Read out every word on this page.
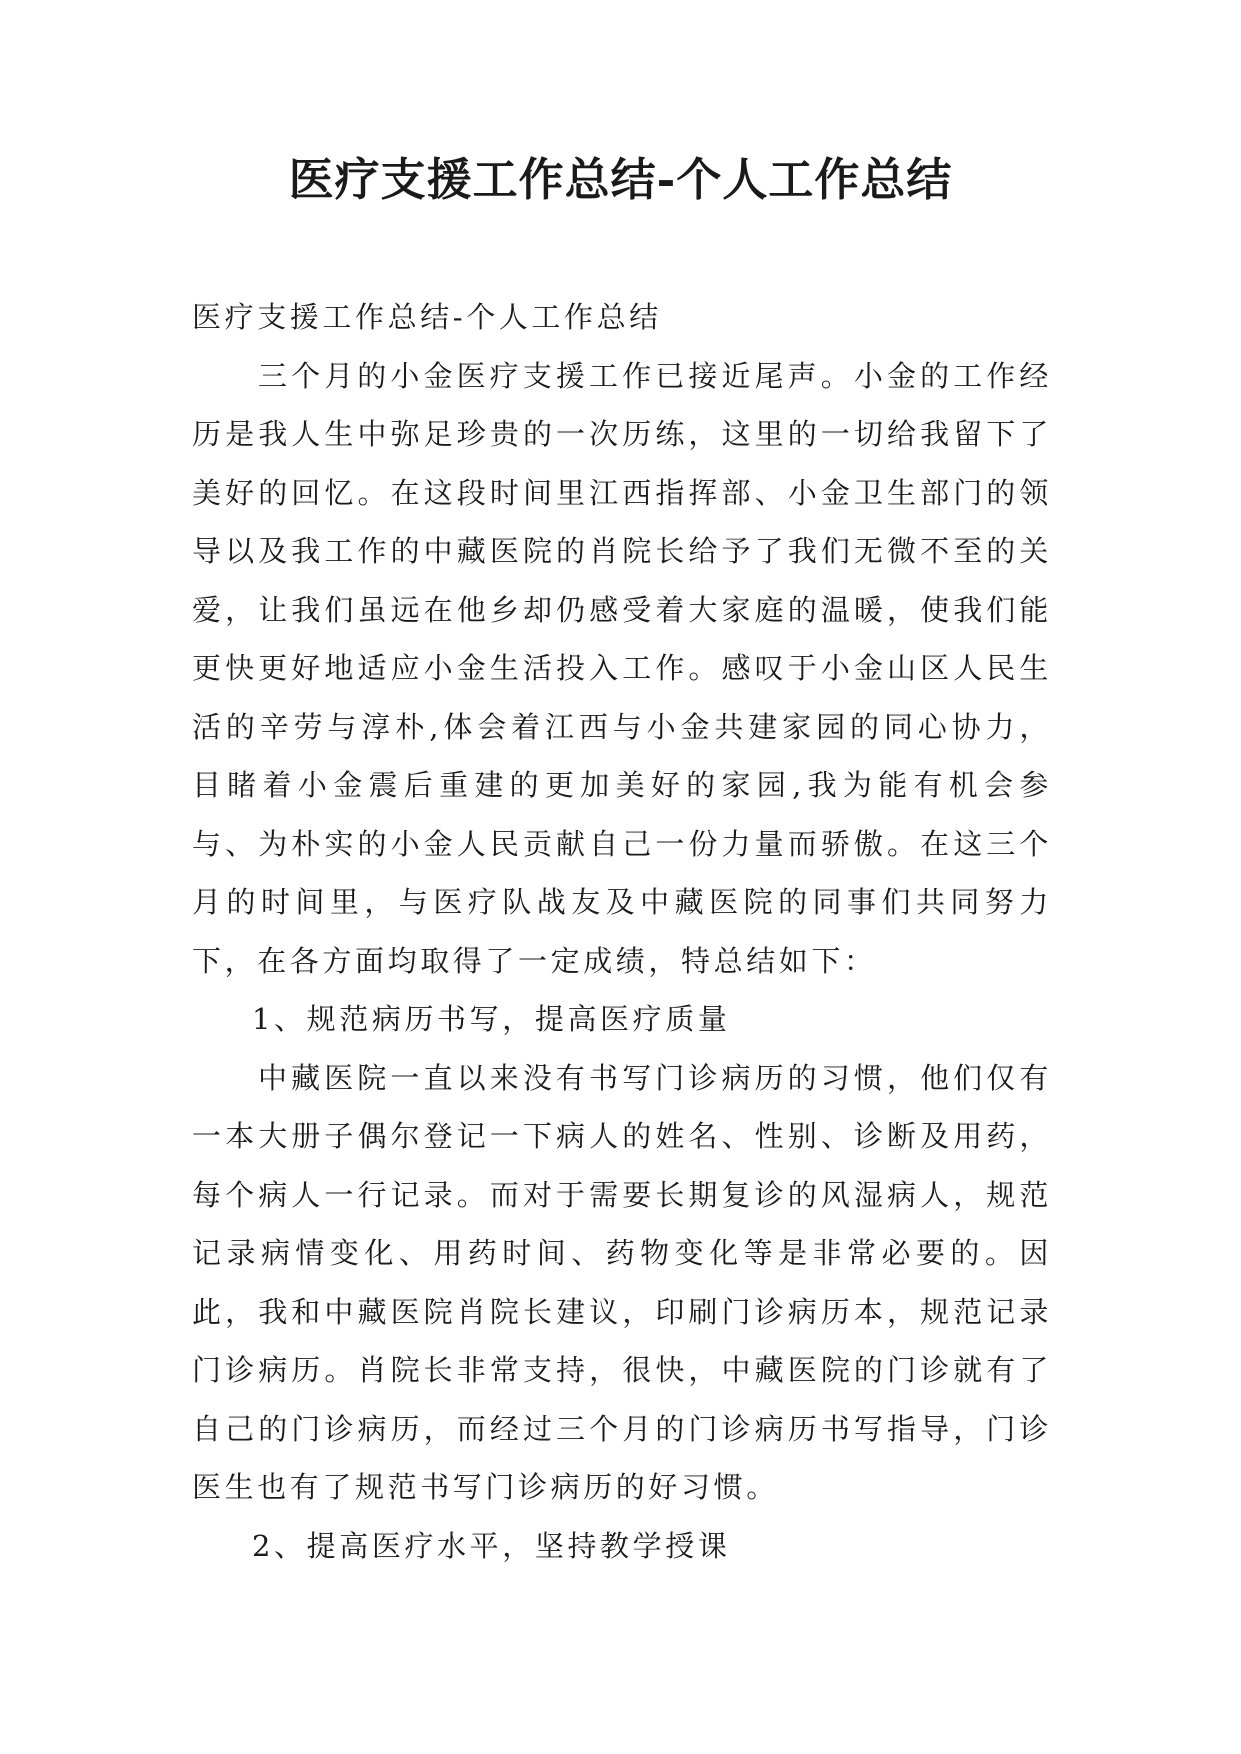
医疗支援工作总结-个人工作总结

医疗支援工作总结-个人工作总结

三个月的小金医疗支援工作已接近尾声。小金的工作经历是我人生中弥足珍贵的一次历练，这里的一切给我留下了美好的回忆。在这段时间里江西指挥部、小金卫生部门的领导以及我工作的中藏医院的肖院长给予了我们无微不至的关爱，让我们虽远在他乡却仍感受着大家庭的温暖，使我们能更快更好地适应小金生活投入工作。感叹于小金山区人民生活的辛劳与淳朴,体会着江西与小金共建家园的同心协力，目睹着小金震后重建的更加美好的家园,我为能有机会参与、为朴实的小金人民贡献自己一份力量而骄傲。在这三个月的时间里，与医疗队战友及中藏医院的同事们共同努力下，在各方面均取得了一定成绩，特总结如下：

1、规范病历书写，提高医疗质量

中藏医院一直以来没有书写门诊病历的习惯，他们仅有一本大册子偶尔登记一下病人的姓名、性别、诊断及用药，每个病人一行记录。而对于需要长期复诊的风湿病人，规范记录病情变化、用药时间、药物变化等是非常必要的。因此，我和中藏医院肖院长建议，印刷门诊病历本，规范记录门诊病历。肖院长非常支持，很快，中藏医院的门诊就有了自己的门诊病历，而经过三个月的门诊病历书写指导，门诊医生也有了规范书写门诊病历的好习惯。

2、提高医疗水平，坚持教学授课
